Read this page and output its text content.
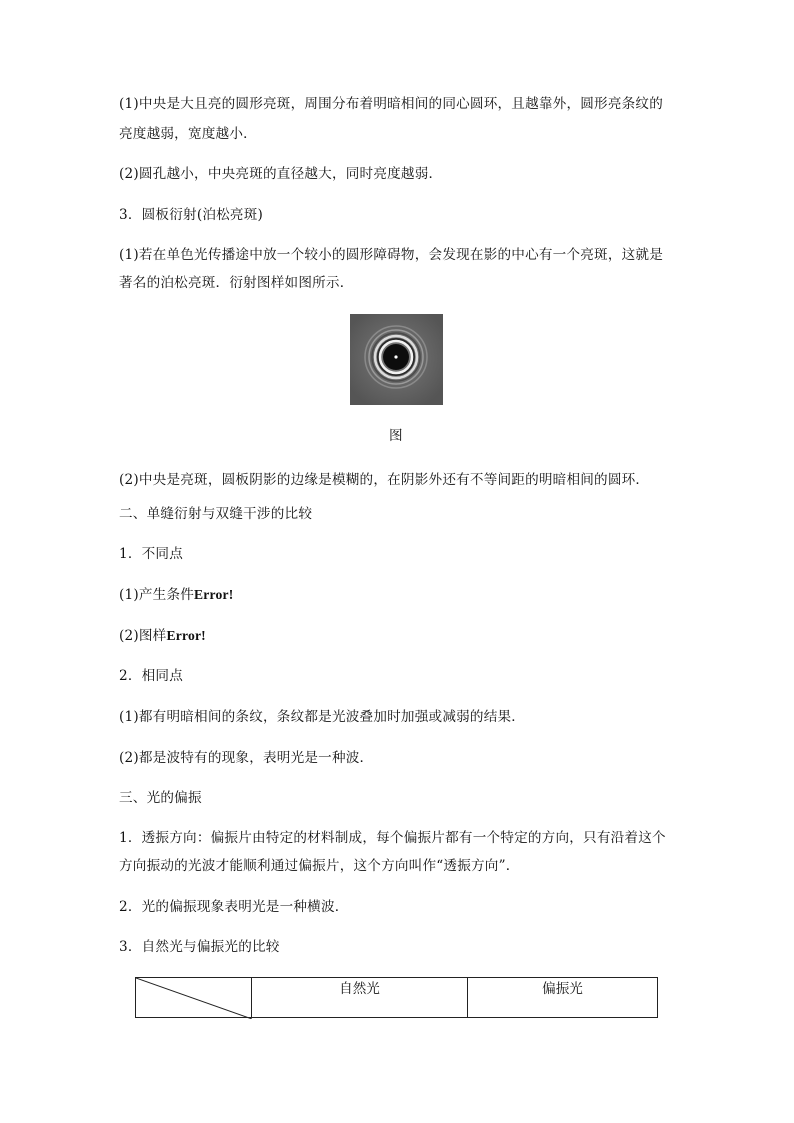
(1)中央是大且亮的圆形亮斑，周围分布着明暗相间的同心圆环，且越靠外，圆形亮条纹的
亮度越弱，宽度越小．
(2)圆孔越小，中央亮斑的直径越大，同时亮度越弱．
3．圆板衍射(泊松亮斑)
(1)若在单色光传播途中放一个较小的圆形障碍物，会发现在影的中心有一个亮斑，这就是
著名的泊松亮斑．衍射图样如图所示．
图
(2)中央是亮斑，圆板阴影的边缘是模糊的，在阴影外还有不等间距的明暗相间的圆环．
二、单缝衍射与双缝干涉的比较
1．不同点
(1)产生条件Error!
(2)图样Error!
2．相同点
(1)都有明暗相间的条纹，条纹都是光波叠加时加强或减弱的结果．
(2)都是波特有的现象，表明光是一种波．
三、光的偏振
1．透振方向：偏振片由特定的材料制成，每个偏振片都有一个特定的方向，只有沿着这个
方向振动的光波才能顺利通过偏振片，这个方向叫作“透振方向”．
2．光的偏振现象表明光是一种横波．
3．自然光与偏振光的比较
	自然光	偏振光
